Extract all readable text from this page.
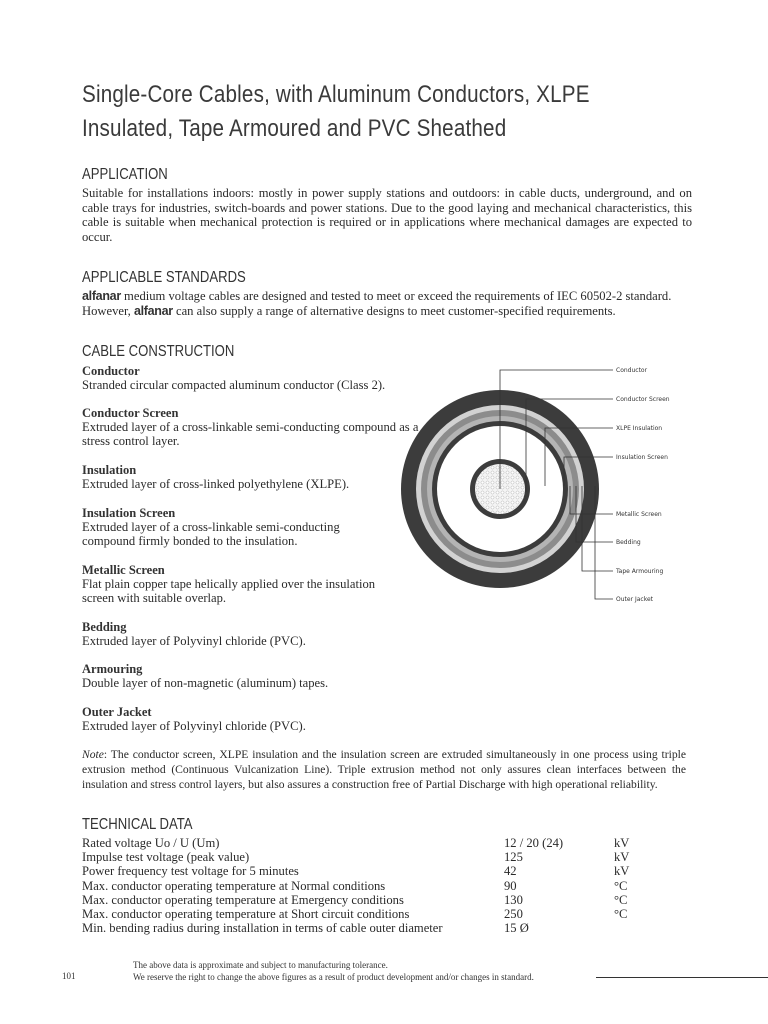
Single-Core Cables, with Aluminum Conductors, XLPE
Insulated, Tape Armoured and PVC Sheathed
APPLICATION
Suitable for installations indoors: mostly in power supply stations and outdoors: in cable ducts, underground, and on cable trays for industries, switch-boards and power stations. Due to the good laying and mechanical characteristics, this cable is suitable when mechanical protection is required or in applications where mechanical damages are expected to occur.
APPLICABLE STANDARDS
alfanar medium voltage cables are designed and tested to meet or exceed the requirements of IEC 60502-2 standard.
However, alfanar can also supply a range of alternative designs to meet customer-specified requirements.
CABLE CONSTRUCTION
Conductor
Stranded circular compacted aluminum conductor (Class 2).
Conductor Screen
Extruded layer of a cross-linkable semi-conducting compound as a stress control layer.
Insulation
Extruded layer of cross-linked polyethylene (XLPE).
Insulation Screen
Extruded layer of a cross-linkable semi-conducting compound firmly bonded to the insulation.
Metallic Screen
Flat plain copper tape helically applied over the insulation screen with suitable overlap.
Bedding
Extruded layer of Polyvinyl chloride (PVC).
Armouring
Double layer of non-magnetic (aluminum) tapes.
Outer Jacket
Extruded layer of Polyvinyl chloride (PVC).
Conductor
Conductor Screen
XLPE Insulation
Insulation Screen
Metallic Screen
Bedding
Tape Armouring
Outer Jacket
Note: The conductor screen, XLPE insulation and the insulation screen are extruded simultaneously in one process using triple extrusion method (Continuous Vulcanization Line). Triple extrusion method not only assures clean interfaces between the insulation and stress control layers, but also assures a construction free of Partial Discharge with high operational reliability.
TECHNICAL DATA
Rated voltage Uo / U (Um)	12 / 20 (24)	kV
Impulse test voltage (peak value)	125	kV
Power frequency test voltage for 5 minutes	42	kV
Max. conductor operating temperature at Normal conditions	90	°C
Max. conductor operating temperature at Emergency conditions	130	°C
Max. conductor operating temperature at Short circuit conditions	250	°C
Min. bending radius during installation in terms of cable outer diameter	15 Ø
The above data is approximate and subject to manufacturing tolerance.
We reserve the right to change the above figures as a result of product development and/or changes in standard.
101
